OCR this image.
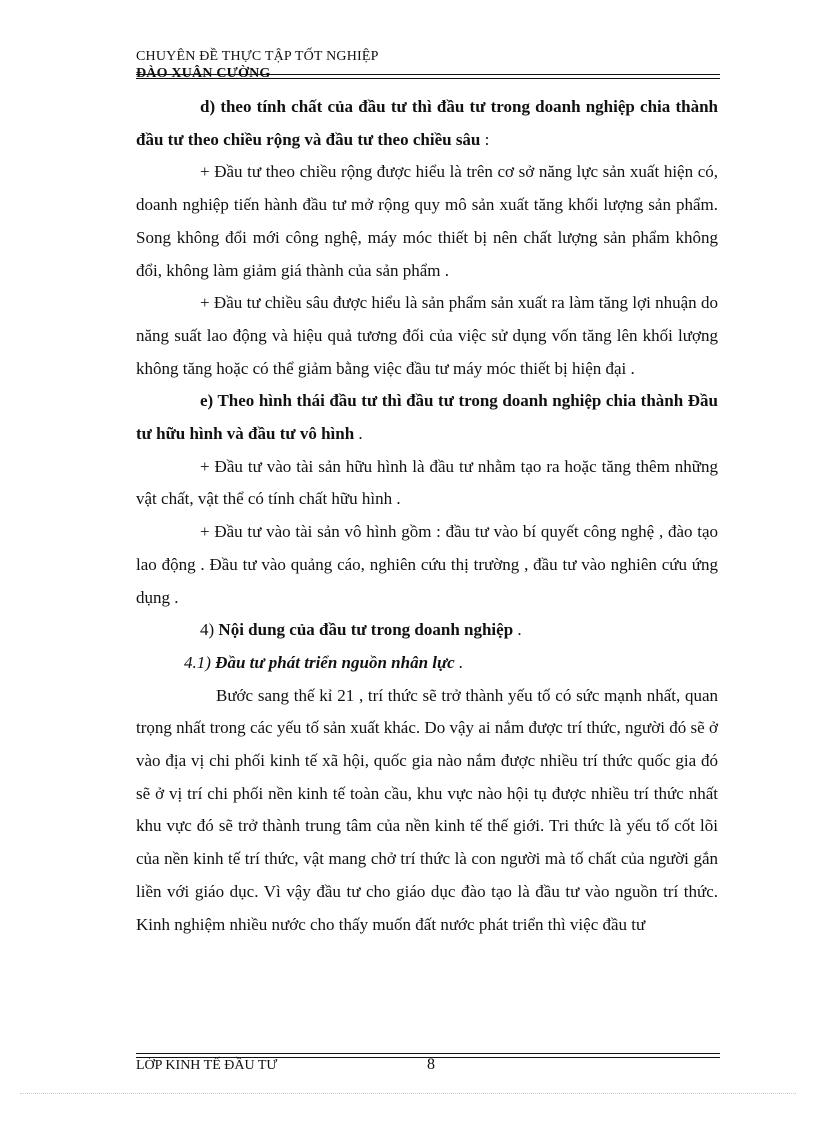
CHUYÊN ĐỀ THỰC TẬP TỐT NGHIỆP
ĐÀO XUÂN CƯỜNG

d) theo tính chất của đầu tư thì đầu tư trong doanh nghiệp chia thành đầu tư theo chiều rộng và đầu tư theo chiều sâu :

+ Đầu tư theo chiều rộng được hiểu là trên cơ sở năng lực sản xuất hiện có, doanh nghiệp tiến hành đầu tư mở rộng quy mô sản xuất tăng khối lượng sản phẩm. Song không đổi mới công nghệ, máy móc thiết bị nên chất lượng sản phẩm không đổi, không làm giảm giá thành của sản phẩm .

+ Đầu tư chiều sâu được hiểu là sản phẩm sản xuất ra làm tăng lợi nhuận do năng suất lao động và hiệu quả tương đối của việc sử dụng vốn tăng lên khối lượng không tăng hoặc có thể giảm bằng việc đầu tư máy móc thiết bị hiện đại .

e) Theo hình thái đầu tư thì đầu tư trong doanh nghiệp chia thành Đầu tư hữu hình và đầu tư vô hình .

+ Đầu tư vào tài sản hữu hình là đầu tư nhằm tạo ra hoặc tăng thêm những vật chất, vật thể có tính chất hữu hình .

+ Đầu tư vào tài sản vô hình gồm : đầu tư vào bí quyết công nghệ , đào tạo lao động . Đầu tư vào quảng cáo, nghiên cứu thị trường , đầu tư vào nghiên cứu ứng dụng .

4) Nội dung của đầu tư trong doanh nghiệp .

4.1) Đầu tư phát triển nguồn nhân lực .

Bước sang thế kỉ 21 , trí thức sẽ trở thành yếu tố có sức mạnh nhất, quan trọng nhất trong các yếu tố sản xuất khác. Do vậy ai nắm được trí thức, người đó sẽ ở vào địa vị chi phối kinh tế xã hội, quốc gia nào nắm được nhiều trí thức quốc gia đó sẽ ở vị trí chi phối nền kinh tế toàn cầu, khu vực nào hội tụ được nhiều trí thức nhất khu vực đó sẽ trở thành trung tâm của nền kinh tế thế giới. Tri thức là yếu tố cốt lõi của nền kinh tế trí thức, vật mang chở trí thức là con người mà tố chất của người gắn liền với giáo dục. Vì vậy đầu tư cho giáo dục đào tạo là đầu tư vào nguồn trí thức. Kinh nghiệm nhiều nước cho thấy muốn đất nước phát triển thì việc đầu tư

LỚP KINH TẾ ĐẦU TƯ	8
